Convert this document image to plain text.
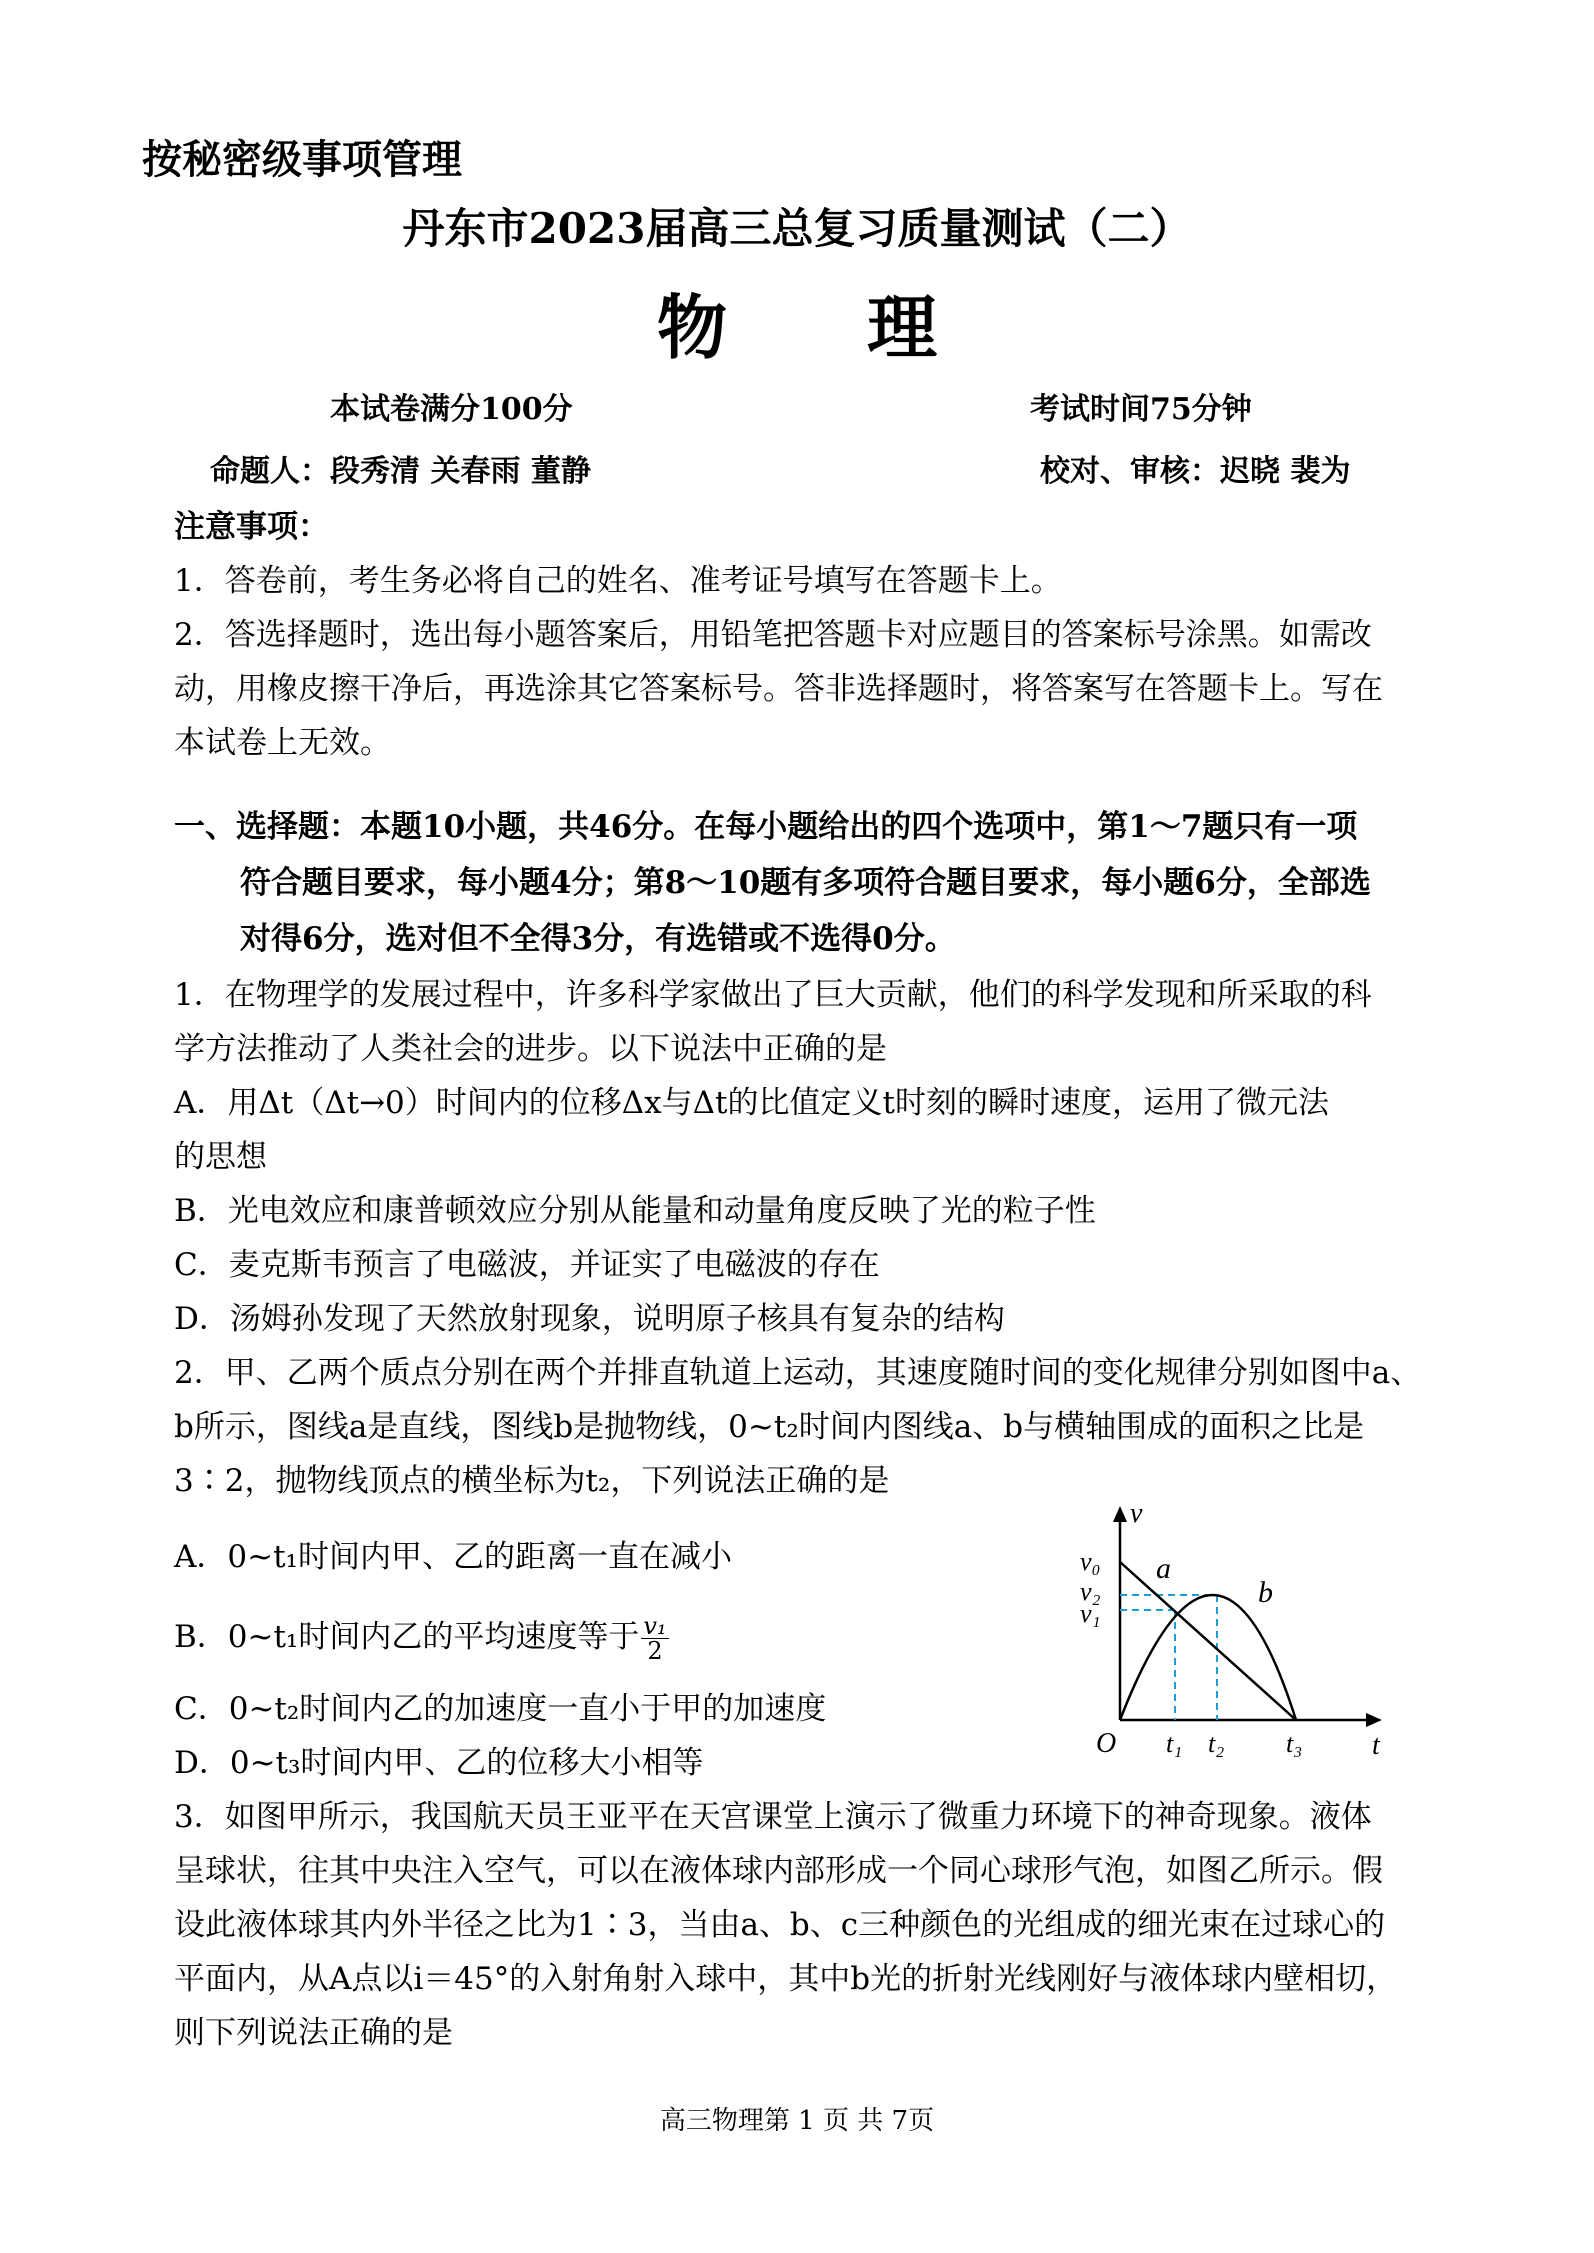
按秘密级事项管理
丹东市2023届高三总复习质量测试（二）
物　　理
本试卷满分100分	考试时间75分钟
命题人：段秀清 关春雨 董静	校对、审核：迟晓 裴为
注意事项：
1．答卷前，考生务必将自己的姓名、准考证号填写在答题卡上。
2．答选择题时，选出每小题答案后，用铅笔把答题卡对应题目的答案标号涂黑。如需改
动，用橡皮擦干净后，再选涂其它答案标号。答非选择题时，将答案写在答题卡上。写在
本试卷上无效。
一、选择题：本题10小题，共46分。在每小题给出的四个选项中，第1～7题只有一项
符合题目要求，每小题4分；第8～10题有多项符合题目要求，每小题6分，全部选
对得6分，选对但不全得3分，有选错或不选得0分。
1．在物理学的发展过程中，许多科学家做出了巨大贡献，他们的科学发现和所采取的科
学方法推动了人类社会的进步。以下说法中正确的是
A．用Δt（Δt→0）时间内的位移Δx与Δt的比值定义t时刻的瞬时速度，运用了微元法
的思想
B．光电效应和康普顿效应分别从能量和动量角度反映了光的粒子性
C．麦克斯韦预言了电磁波，并证实了电磁波的存在
D．汤姆孙发现了天然放射现象，说明原子核具有复杂的结构
2．甲、乙两个质点分别在两个并排直轨道上运动，其速度随时间的变化规律分别如图中a、
b所示，图线a是直线，图线b是抛物线，0~t₂时间内图线a、b与横轴围成的面积之比是
3∶2，抛物线顶点的横坐标为t₂，下列说法正确的是
A．0~t₁时间内甲、乙的距离一直在减小
B．0~t₁时间内乙的平均速度等于 $\frac{\text{v₁}}{2}$
C．0~t₂时间内乙的加速度一直小于甲的加速度
D．0~t₃时间内甲、乙的位移大小相等
v
t
O
v₀
v₂
v₁
a
b
t₁ t₂ t₃
3．如图甲所示，我国航天员王亚平在天宫课堂上演示了微重力环境下的神奇现象。液体
呈球状，往其中央注入空气，可以在液体球内部形成一个同心球形气泡，如图乙所示。假
设此液体球其内外半径之比为1∶3，当由a、b、c三种颜色的光组成的细光束在过球心的
平面内，从A点以i＝45°的入射角射入球中，其中b光的折射光线刚好与液体球内壁相切，
则下列说法正确的是
高三物理第 1 页 共 7页
